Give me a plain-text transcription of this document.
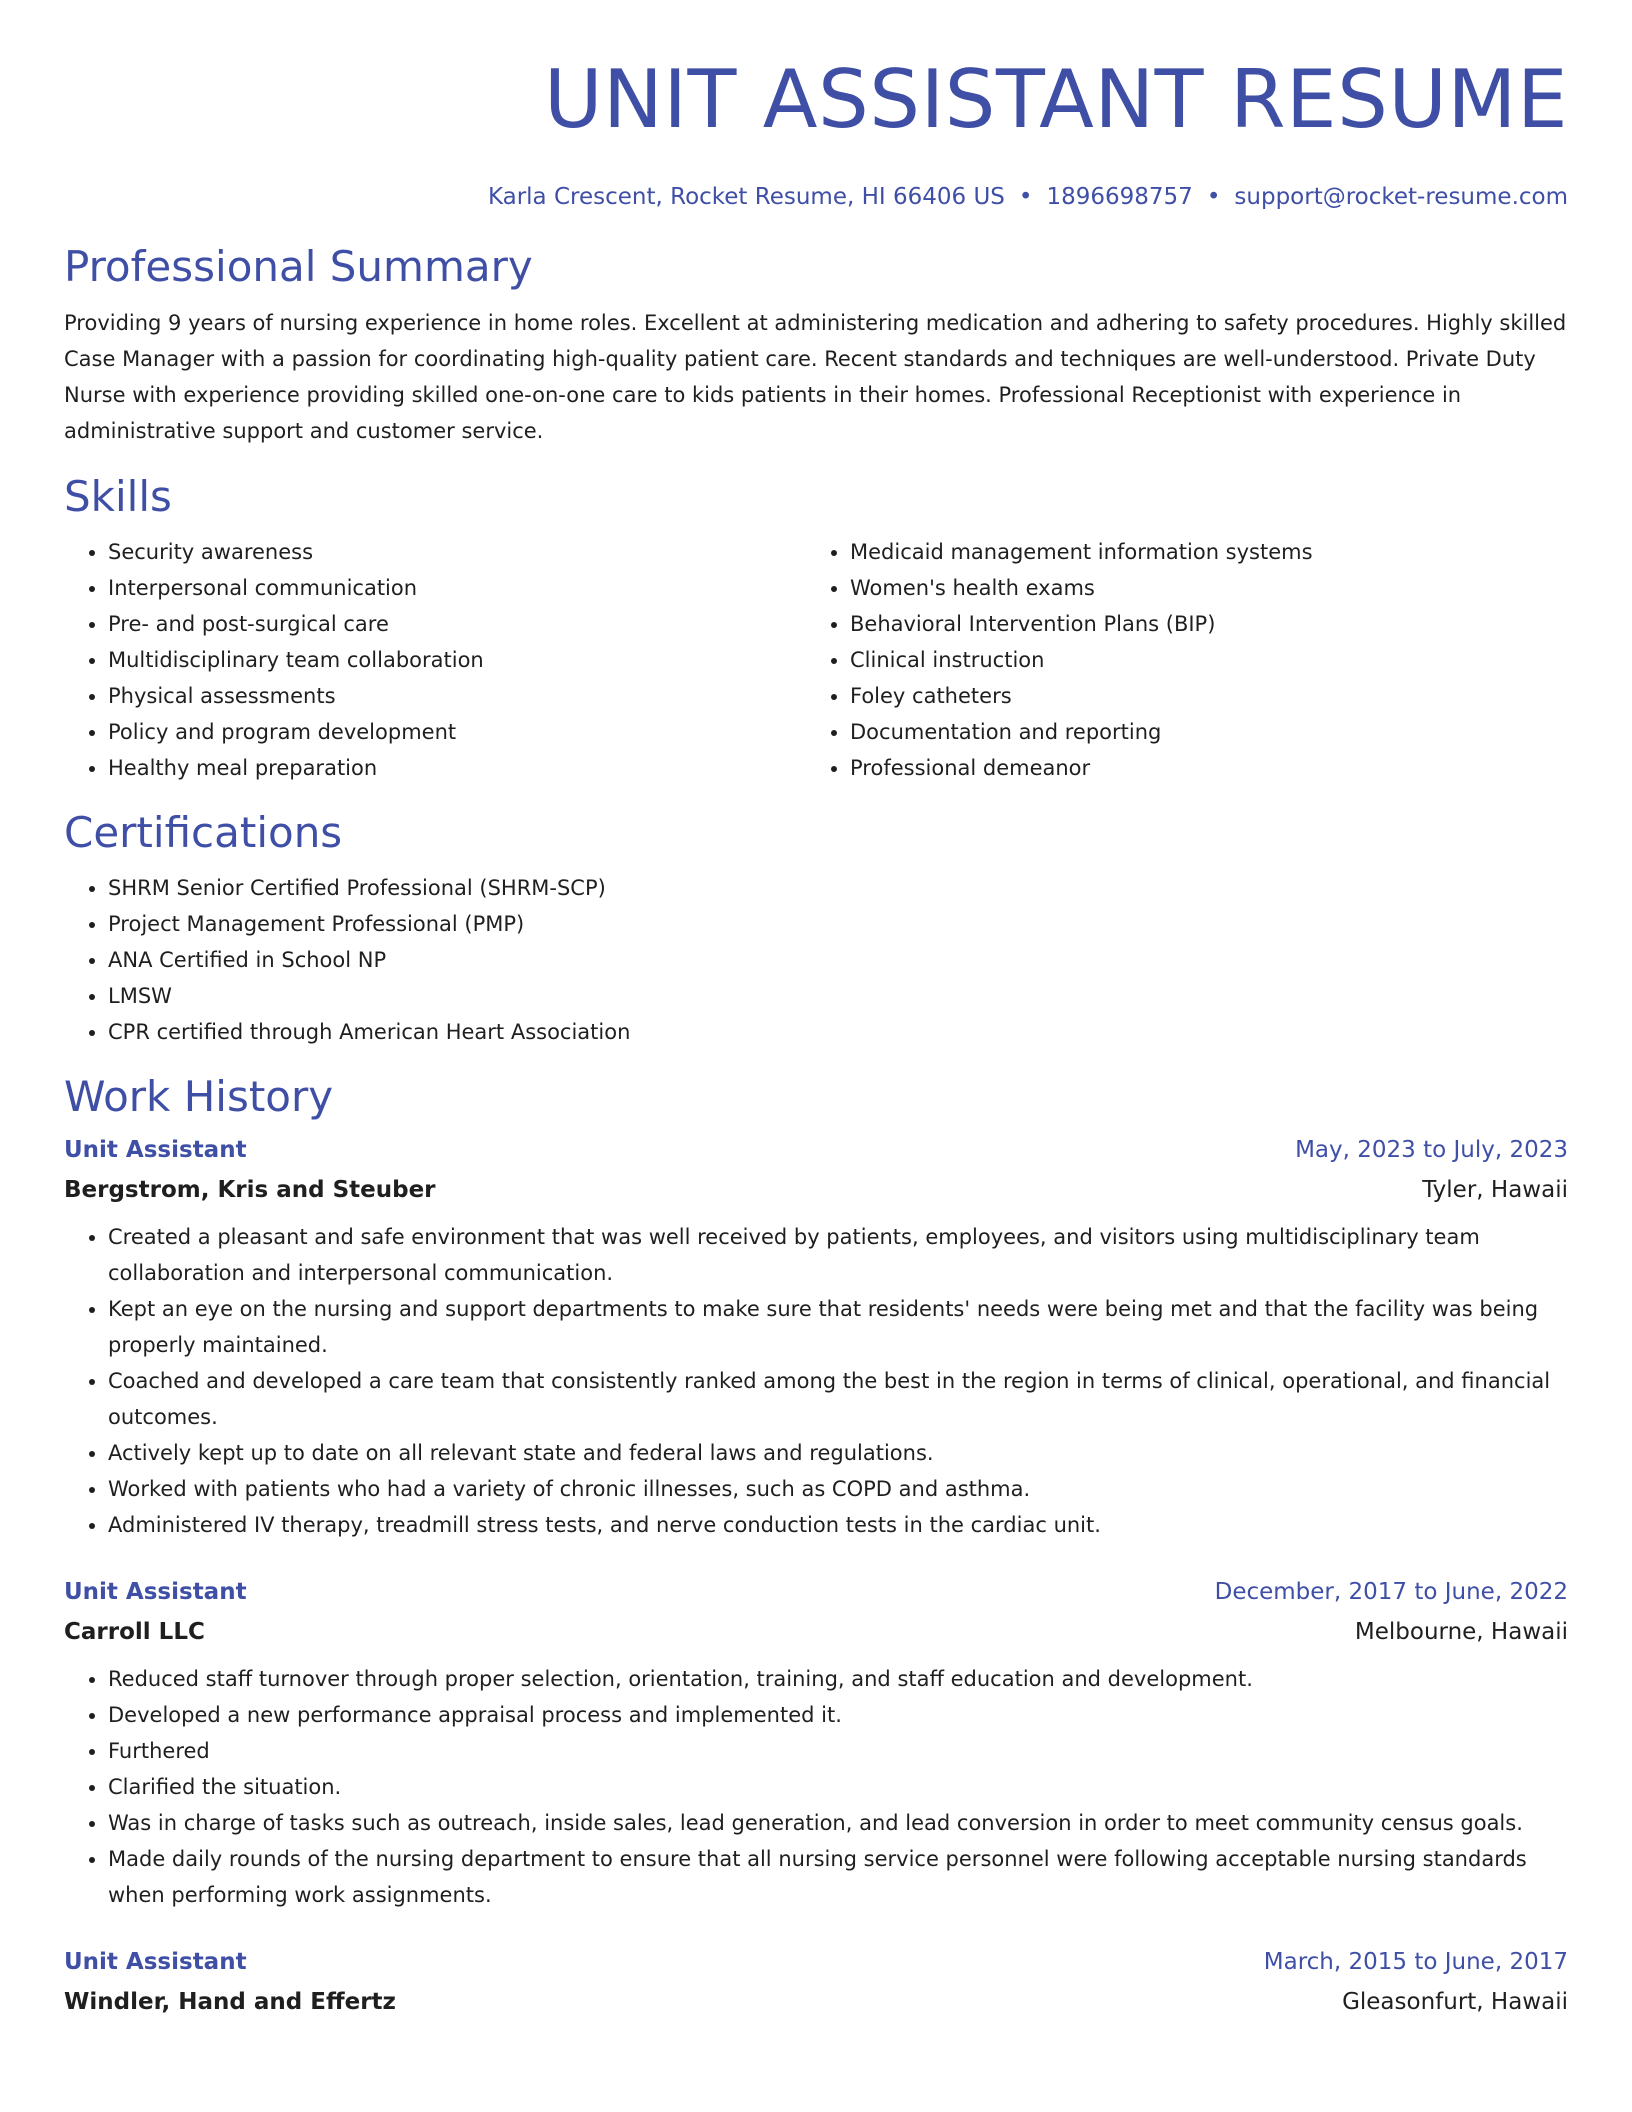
UNIT ASSISTANT RESUME
Karla Crescent, Rocket Resume, HI 66406 US • 1896698757 • support@rocket-resume.com
Professional Summary

Providing 9 years of nursing experience in home roles. Excellent at administering medication and adhering to safety procedures. Highly skilled Case Manager with a passion for coordinating high-quality patient care. Recent standards and techniques are well-understood. Private Duty Nurse with experience providing skilled one-on-one care to kids patients in their homes. Professional Receptionist with experience in administrative support and customer service.

Skills
• Security awareness
• Interpersonal communication
• Pre- and post-surgical care
• Multidisciplinary team collaboration
• Physical assessments
• Policy and program development
• Healthy meal preparation
• Medicaid management information systems
• Women's health exams
• Behavioral Intervention Plans (BIP)
• Clinical instruction
• Foley catheters
• Documentation and reporting
• Professional demeanor
Certifications
• SHRM Senior Certified Professional (SHRM-SCP)
• Project Management Professional (PMP)
• ANA Certified in School NP
• LMSW
• CPR certified through American Heart Association
Work History
Unit Assistant	May, 2023 to July, 2023
Bergstrom, Kris and Steuber	Tyler, Hawaii
• Created a pleasant and safe environment that was well received by patients, employees, and visitors using multidisciplinary team collaboration and interpersonal communication.
• Kept an eye on the nursing and support departments to make sure that residents' needs were being met and that the facility was being properly maintained.
• Coached and developed a care team that consistently ranked among the best in the region in terms of clinical, operational, and financial outcomes.
• Actively kept up to date on all relevant state and federal laws and regulations.
• Worked with patients who had a variety of chronic illnesses, such as COPD and asthma.
• Administered IV therapy, treadmill stress tests, and nerve conduction tests in the cardiac unit.
Unit Assistant	December, 2017 to June, 2022
Carroll LLC	Melbourne, Hawaii
• Reduced staff turnover through proper selection, orientation, training, and staff education and development.
• Developed a new performance appraisal process and implemented it.
• Furthered
• Clarified the situation.
• Was in charge of tasks such as outreach, inside sales, lead generation, and lead conversion in order to meet community census goals.
• Made daily rounds of the nursing department to ensure that all nursing service personnel were following acceptable nursing standards when performing work assignments.
Unit Assistant	March, 2015 to June, 2017
Windler, Hand and Effertz	Gleasonfurt, Hawaii
